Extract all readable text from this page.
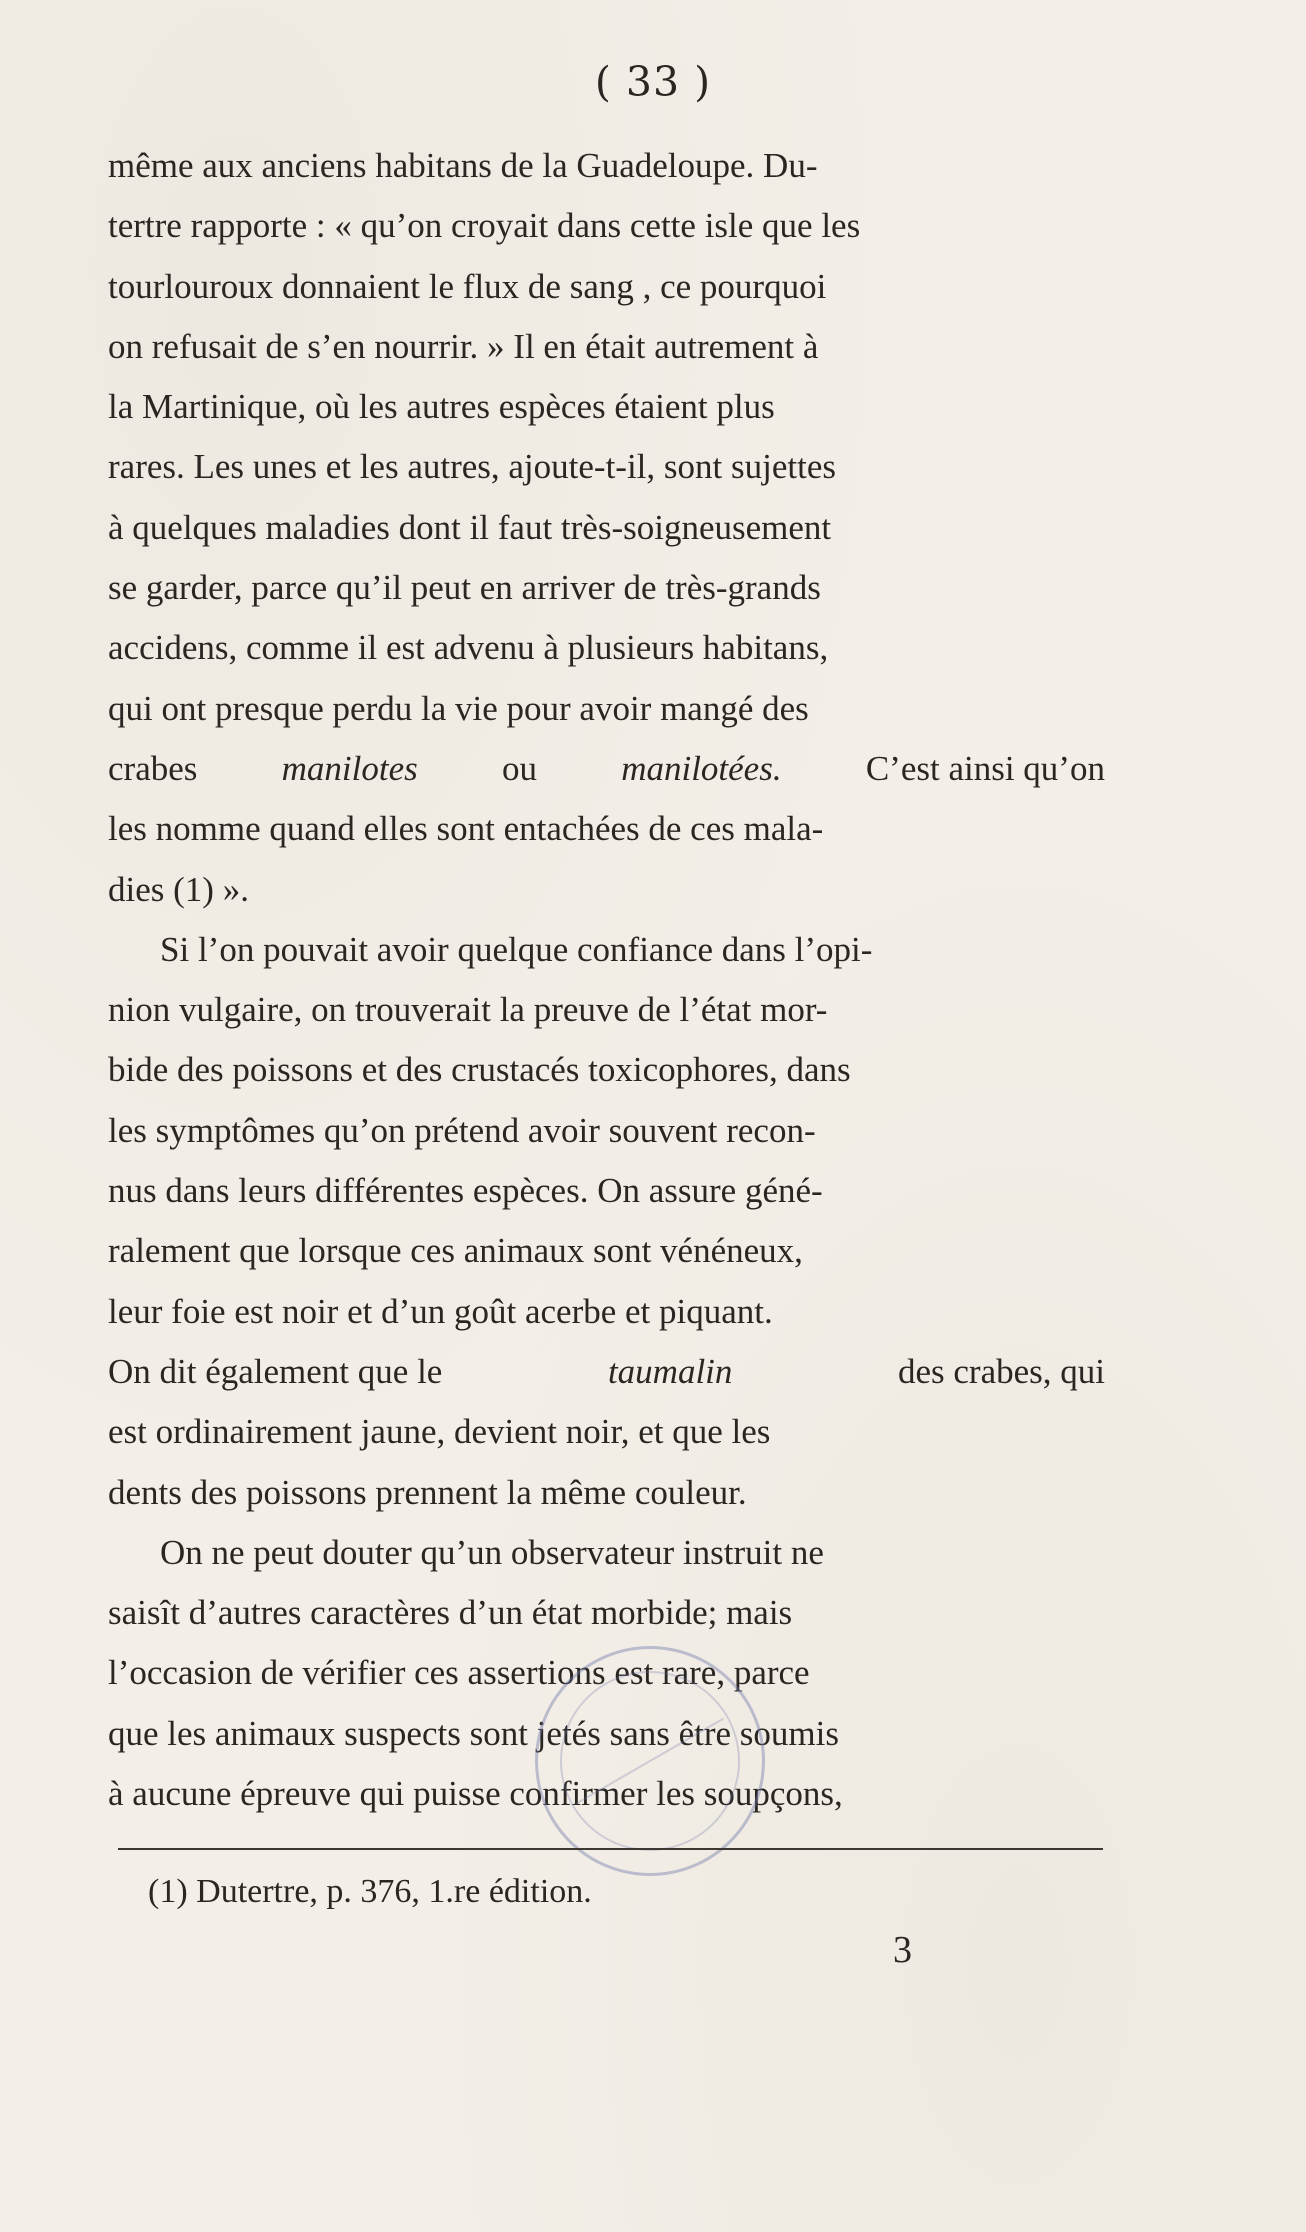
( 33 )
même aux anciens habitans de la Guadeloupe. Du-
tertre rapporte : « qu’on croyait dans cette isle que les
tourlouroux donnaient le flux de sang , ce pourquoi
on refusait de s’en nourrir. » Il en était autrement à
la Martinique, où les autres espèces étaient plus
rares. Les unes et les autres, ajoute-t-il, sont sujettes
à quelques maladies dont il faut très-soigneusement
se garder, parce qu’il peut en arriver de très-grands
accidens, comme il est advenu à plusieurs habitans,
qui ont presque perdu la vie pour avoir mangé des
crabes manilotes ou manilotées. C’est ainsi qu’on
les nomme quand elles sont entachées de ces mala-
dies (1) ».
Si l’on pouvait avoir quelque confiance dans l’opi-
nion vulgaire, on trouverait la preuve de l’état mor-
bide des poissons et des crustacés toxicophores, dans
les symptômes qu’on prétend avoir souvent recon-
nus dans leurs différentes espèces. On assure géné-
ralement que lorsque ces animaux sont vénéneux,
leur foie est noir et d’un goût acerbe et piquant.
On dit également que le	taumalin	des crabes, qui
est ordinairement jaune, devient noir, et que les
dents des poissons prennent la même couleur.
On ne peut douter qu’un observateur instruit ne
saisît d’autres caractères d’un état morbide; mais
l’occasion de vérifier ces assertions est rare, parce
que les animaux suspects sont jetés sans être soumis
à aucune épreuve qui puisse confirmer les soupçons,
(1) Dutertre, p. 376, 1.re édition.
3
